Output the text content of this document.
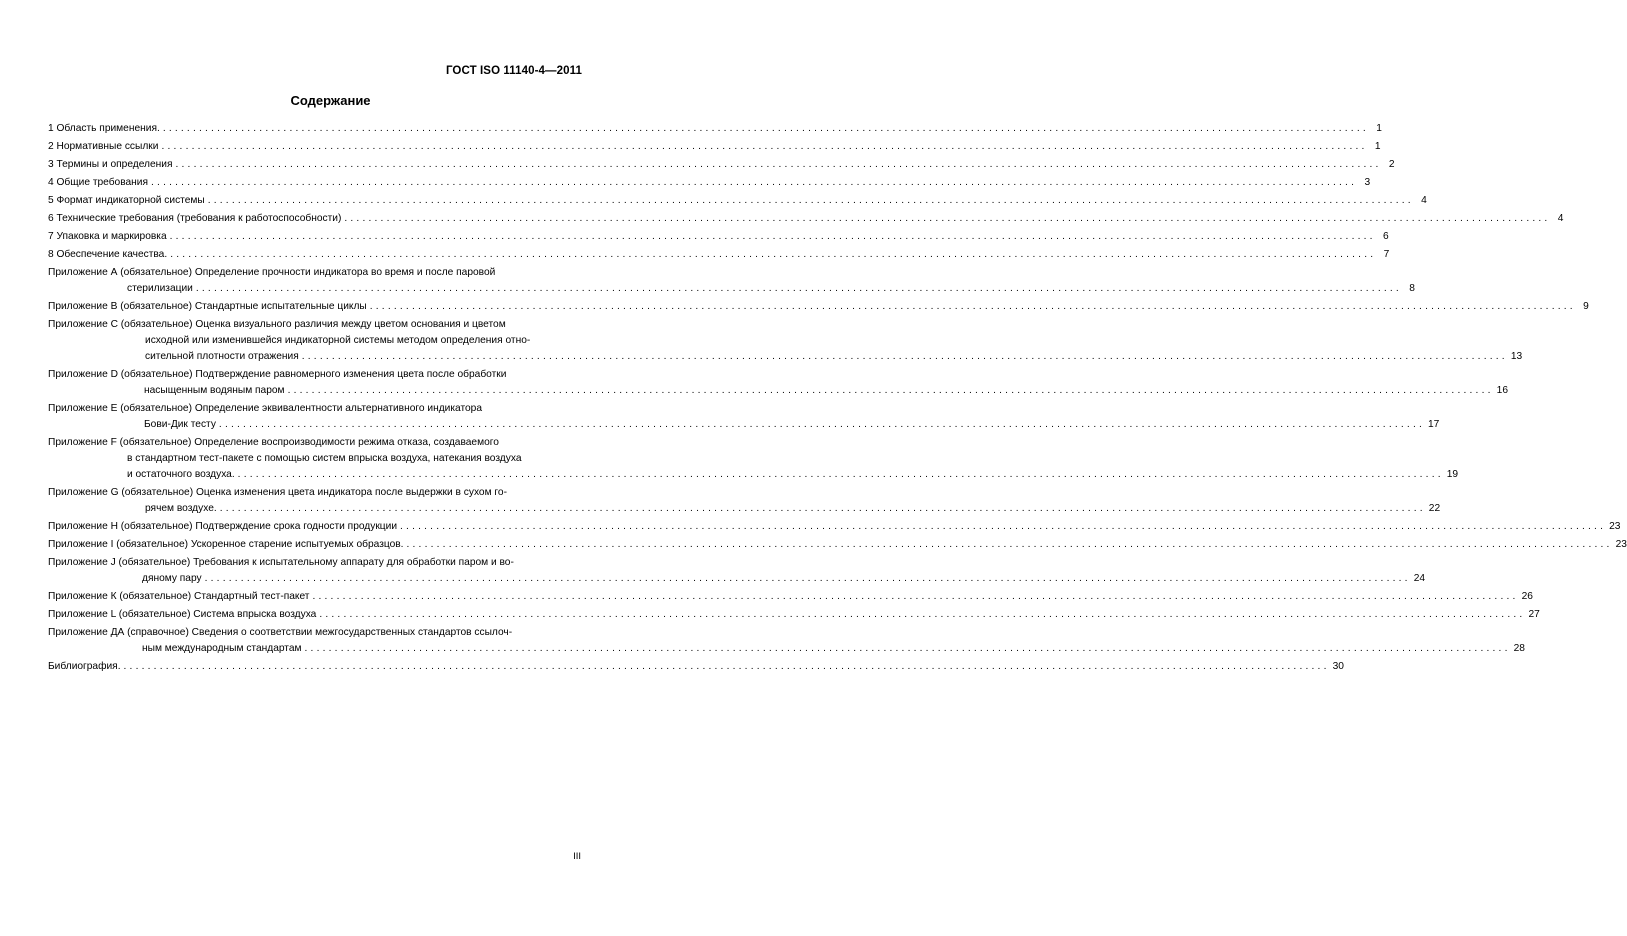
ГОСТ ISO 11140-4—2011
Содержание
1 Область применения. ........................................................................................................................................................................................................ 1
2 Нормативные ссылки ........................................................................................................................................................................................................ 1
3 Термины и определения ........................................................................................................................................................................................................ 2
4 Общие требования ........................................................................................................................................................................................................ 3
5 Формат индикаторной системы ........................................................................................................................................................................................................ 4
6 Технические требования (требования к работоспособности) ........................................................................................................................................................................................................ 4
7 Упаковка и маркировка ........................................................................................................................................................................................................ 6
8 Обеспечение качества. ........................................................................................................................................................................................................ 7
Приложение А (обязательное) Определение прочности индикатора во время и после паровой
стерилизации ........................................................................................................................................................................................................ 8
Приложение В (обязательное) Стандартные испытательные циклы ........................................................................................................................................................................................................ 9
Приложение С (обязательное) Оценка визуального различия между цветом основания и цветом
исходной или изменившейся индикаторной системы методом определения отно-
сительной плотности отражения ........................................................................................................................................................................................................ 13
Приложение D (обязательное) Подтверждение равномерного изменения цвета после обработки
насыщенным водяным паром ........................................................................................................................................................................................................ 16
Приложение Е (обязательное) Определение эквивалентности альтернативного индикатора
Бови-Дик тесту ........................................................................................................................................................................................................ 17
Приложение F (обязательное) Определение воспроизводимости режима отказа, создаваемого
в стандартном тест-пакете с помощью систем впрыска воздуха, натекания воздуха
и остаточного воздуха. ........................................................................................................................................................................................................ 19
Приложение G (обязательное) Оценка изменения цвета индикатора после выдержки в сухом го-
рячем воздухе. ........................................................................................................................................................................................................ 22
Приложение Н (обязательное) Подтверждение срока годности продукции ........................................................................................................................................................................................................ 23
Приложение I (обязательное) Ускоренное старение испытуемых образцов. ........................................................................................................................................................................................................ 23
Приложение J (обязательное) Требования к испытательному аппарату для обработки паром и во-
дяному пару ........................................................................................................................................................................................................ 24
Приложение К (обязательное) Стандартный тест-пакет ........................................................................................................................................................................................................ 26
Приложение L (обязательное) Система впрыска воздуха ........................................................................................................................................................................................................ 27
Приложение ДА (справочное) Сведения о соответствии межгосударственных стандартов ссылоч-
ным международным стандартам ........................................................................................................................................................................................................ 28
Библиография. ........................................................................................................................................................................................................ 30
III
